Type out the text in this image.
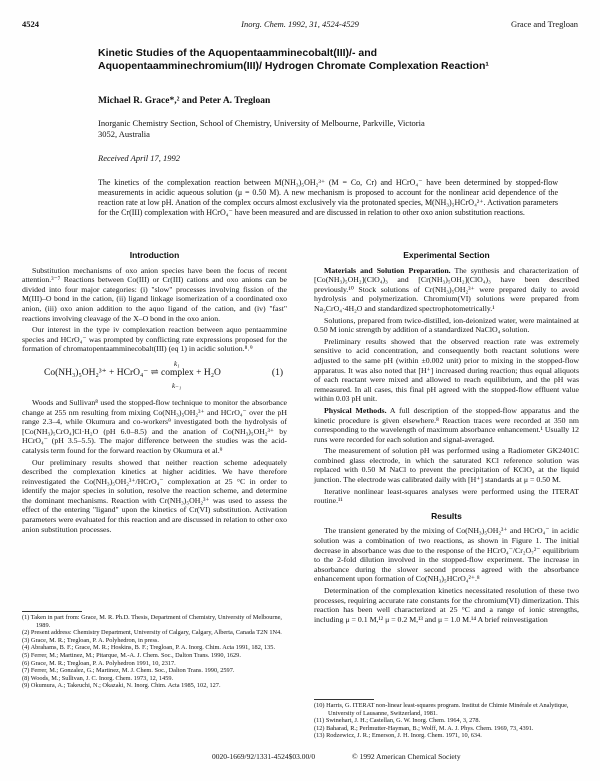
4524	Inorg. Chem. 1992, 31, 4524-4529	Grace and Tregloan
Kinetic Studies of the Aquopentaamminecobalt(III)/- and Aquopentaamminechromium(III)/ Hydrogen Chromate Complexation Reaction¹
Michael R. Grace*,² and Peter A. Tregloan
Inorganic Chemistry Section, School of Chemistry, University of Melbourne, Parkville, Victoria 3052, Australia
Received April 17, 1992
The kinetics of the complexation reaction between M(NH₃)₅OH₂³⁺ (M = Co, Cr) and HCrO₄⁻ have been determined by stopped-flow measurements in acidic aqueous solution (μ = 0.50 M). A new mechanism is proposed to account for the nonlinear acid dependence of the reaction rate at low pH. Anation of the complex occurs almost exclusively via the protonated species, M(NH₃)₅HCrO₄²⁺. Activation parameters for the Cr(III) complexation with HCrO₄⁻ have been measured and are discussed in relation to other oxo anion substitution reactions.
Introduction

Substitution mechanisms of oxo anion species have been the focus of recent attention.³⁻⁷ Reactions between Co(III) or Cr(III) cations and oxo anions can be divided into four major categories: (i) "slow" processes involving fission of the M(III)–O bond in the cation, (ii) ligand linkage isomerization of a coordinated oxo anion, (iii) oxo anion addition to the aquo ligand of the cation, and (iv) "fast" reactions involving cleavage of the X–O bond in the oxo anion.

Our interest in the type iv complexation reaction between aquo pentaammine species and HCrO₄⁻ was prompted by conflicting rate expressions proposed for the formation of chromatopentaamminecobalt(III) (eq 1) in acidic solution.⁸˒⁹

Co(NH₃)₅OH₂³⁺ + HCrO₄⁻ ⇌ complex + H₂O
k₁
k₋₁
(1)

Woods and Sullivan⁸ used the stopped-flow technique to monitor the absorbance change at 255 nm resulting from mixing Co(NH₃)₅OH₂³⁺ and HCrO₄⁻ over the pH range 2.3–4, while Okumura and co-workers⁹ investigated both the hydrolysis of [Co(NH₃)₅CrO₄]Cl·H₂O (pH 6.0–8.5) and the anation of Co(NH₃)₅OH₂³⁺ by HCrO₄⁻ (pH 3.5–5.5). The major difference between the studies was the acid-catalysis term found for the forward reaction by Okumura et al.⁹

Our preliminary results showed that neither reaction scheme adequately described the complexation kinetics at higher acidities. We have therefore reinvestigated the Co(NH₃)₅OH₂³⁺/HCrO₄⁻ complexation at 25 °C in order to identify the major species in solution, resolve the reaction scheme, and determine the dominant mechanisms. Reaction with Cr(NH₃)₅OH₂³⁺ was used to assess the effect of the entering "ligand" upon the kinetics of Cr(VI) substitution. Activation parameters were evaluated for this reaction and are discussed in relation to other oxo anion substitution processes.

Experimental Section

Materials and Solution Preparation. The synthesis and characterization of [Co(NH₃)₅OH₂](ClO₄)₃ and [Cr(NH₃)₅OH₂](ClO₄)₃ have been described previously.¹⁰ Stock solutions of Cr(NH₃)₅OH₂³⁺ were prepared daily to avoid hydrolysis and polymerization. Chromium(VI) solutions were prepared from Na₂CrO₄·4H₂O and standardized spectrophotometrically.¹

Solutions, prepared from twice-distilled, ion-deionized water, were maintained at 0.50 M ionic strength by addition of a standardized NaClO₄ solution.

Preliminary results showed that the observed reaction rate was extremely sensitive to acid concentration, and consequently both reactant solutions were adjusted to the same pH (within ±0.002 unit) prior to mixing in the stopped-flow apparatus. It was also noted that [H⁺] increased during reaction; thus equal aliquots of each reactant were mixed and allowed to reach equilibrium, and the pH was remeasured. In all cases, this final pH agreed with the stopped-flow effluent value within 0.03 pH unit.

Physical Methods. A full description of the stopped-flow apparatus and the kinetic procedure is given elsewhere.⁸ Reaction traces were recorded at 350 nm corresponding to the wavelength of maximum absorbance enhancement.¹ Usually 12 runs were recorded for each solution and signal-averaged.

The measurement of solution pH was performed using a Radiometer GK2401C combined glass electrode, in which the saturated KCl reference solution was replaced with 0.50 M NaCl to prevent the precipitation of KClO₄ at the liquid junction. The electrode was calibrated daily with [H⁺] standards at μ = 0.50 M.

Iterative nonlinear least-squares analyses were performed using the ITERAT routine.¹¹

Results

The transient generated by the mixing of Co(NH₃)₅OH₂³⁺ and HCrO₄⁻ in acidic solution was a combination of two reactions, as shown in Figure 1. The initial decrease in absorbance was due to the response of the HCrO₄⁻/Cr₂O₇²⁻ equilibrium to the 2-fold dilution involved in the stopped-flow experiment. The increase in absorbance during the slower second process agreed with the absorbance enhancement upon formation of Co(NH₃)₅HCrO₄²⁺.⁸

Determination of the complexation kinetics necessitated resolution of these two processes, requiring accurate rate constants for the chromium(VI) dimerization. This reaction has been well characterized at 25 °C and a range of ionic strengths, including μ = 0.1 M,¹² μ = 0.2 M,¹³ and μ = 1.0 M.¹⁴ A brief reinvestigation

(1) Taken in part from: Grace, M. R. Ph.D. Thesis, Department of Chemistry, University of Melbourne, 1989.
(2) Present address: Chemistry Department, University of Calgary, Calgary, Alberta, Canada T2N 1N4.
(3) Grace, M. R.; Tregloan, P. A. Polyhedron, in press.
(4) Abrahams, B. F.; Grace, M. R.; Hoskins, B. F.; Tregloan, P. A. Inorg. Chim. Acta 1991, 182, 135.
(5) Ferrer, M.; Martinez, M.; Pitarque, M.-A. J. Chem. Soc., Dalton Trans. 1990, 1629.
(6) Grace, M. R.; Tregloan, P. A. Polyhedron 1991, 10, 2317.
(7) Ferrer, M.; Gonzalez, G.; Martinez, M. J. Chem. Soc., Dalton Trans. 1990, 2597.
(8) Woods, M.; Sullivan, J. C. Inorg. Chem. 1973, 12, 1459.
(9) Okumura, A.; Takeuchi, N.; Okazaki, N. Inorg. Chim. Acta 1985, 102, 127.
(10) Harris, G. ITERAT non-linear least-squares program. Institut de Chimie Minérale et Analytique, University of Lausanne, Switzerland, 1981.
(11) Swinehart, J. H.; Castellan, G. W. Inorg. Chem. 1964, 3, 278.
(12) Baharad, R.; Perlmutter-Hayman, B.; Wolff, M. A. J. Phys. Chem. 1969, 73, 4391.
(13) Rodzewicz, J. R.; Emerson, J. H. Inorg. Chem. 1971, 10, 634.
0020-1669/92/1331-4524$03.00/0	© 1992 American Chemical Society
